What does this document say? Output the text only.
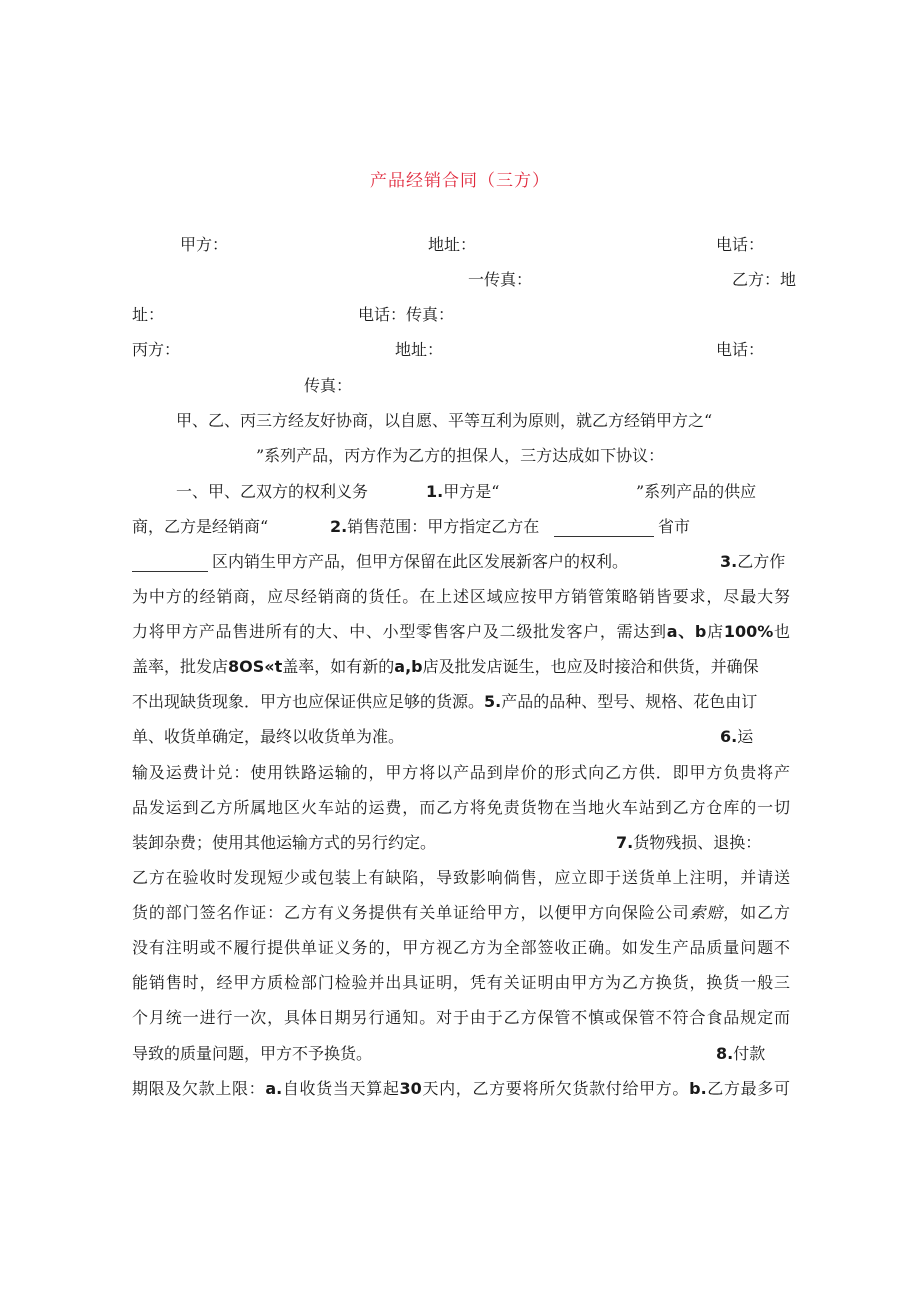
产品经销合同（三方）
甲方：	地址：	电话：
一传真：	乙方：地
址：	电话：传真：
丙方：	地址：	电话：
传真：
甲、乙、丙三方经友好协商，以自愿、平等互利为原则，就乙方经销甲方之“
”系列产品，丙方作为乙方的担保人，三方达成如下协议：
一、甲、乙双方的权利义务	1.甲方是“	”系列产品的供应
商，乙方是经销商“	2.销售范围：甲方指定乙方在	省市
区内销生甲方产品，但甲方保留在此区发展新客户的权利。	3.乙方作
为中方的经销商，应尽经销商的货任。在上述区域应按甲方销管策略销皆要求，尽最大努
力将甲方产品售进所有的大、中、小型零售客户及二级批发客户，需达到a、b店100%也
盖率，批发店8OS«t盖率，如有新的a,b店及批发店诞生，也应及时接洽和供货，并确保
不出现缺货现象．甲方也应保证供应足够的货源。5.产品的品种、型号、规格、花色由订
单、收货单确定，最终以收货单为准。	6.运
输及运费计兑：使用铁路运输的，甲方将以产品到岸价的形式向乙方供．即甲方负贵将产
品发运到乙方所属地区火车站的运费，而乙方将免责货物在当地火车站到乙方仓库的一切
装卸杂费；使用其他运输方式的另行约定。	7.货物残损、退换：
乙方在验收时发现短少或包装上有缺陷，导致影响倘售，应立即于送货单上注明，并请送
货的部门签名作证：乙方有义务提供有关单证给甲方，以便甲方向保险公司索赔，如乙方
没有注明或不履行提供单证义务的，甲方视乙方为全部签收正确。如发生产品质量问题不
能销售时，经甲方质检部门检验并出具证明，凭有关证明由甲方为乙方换货，换货一般三
个月统一进行一次，具体日期另行通知。对于由于乙方保管不慎或保管不符合食品规定而
导致的质量问题，甲方不予换货。	8.付款
期限及欠款上限：a.自收货当天算起30天内，乙方要将所欠货款付给甲方。b.乙方最多可
